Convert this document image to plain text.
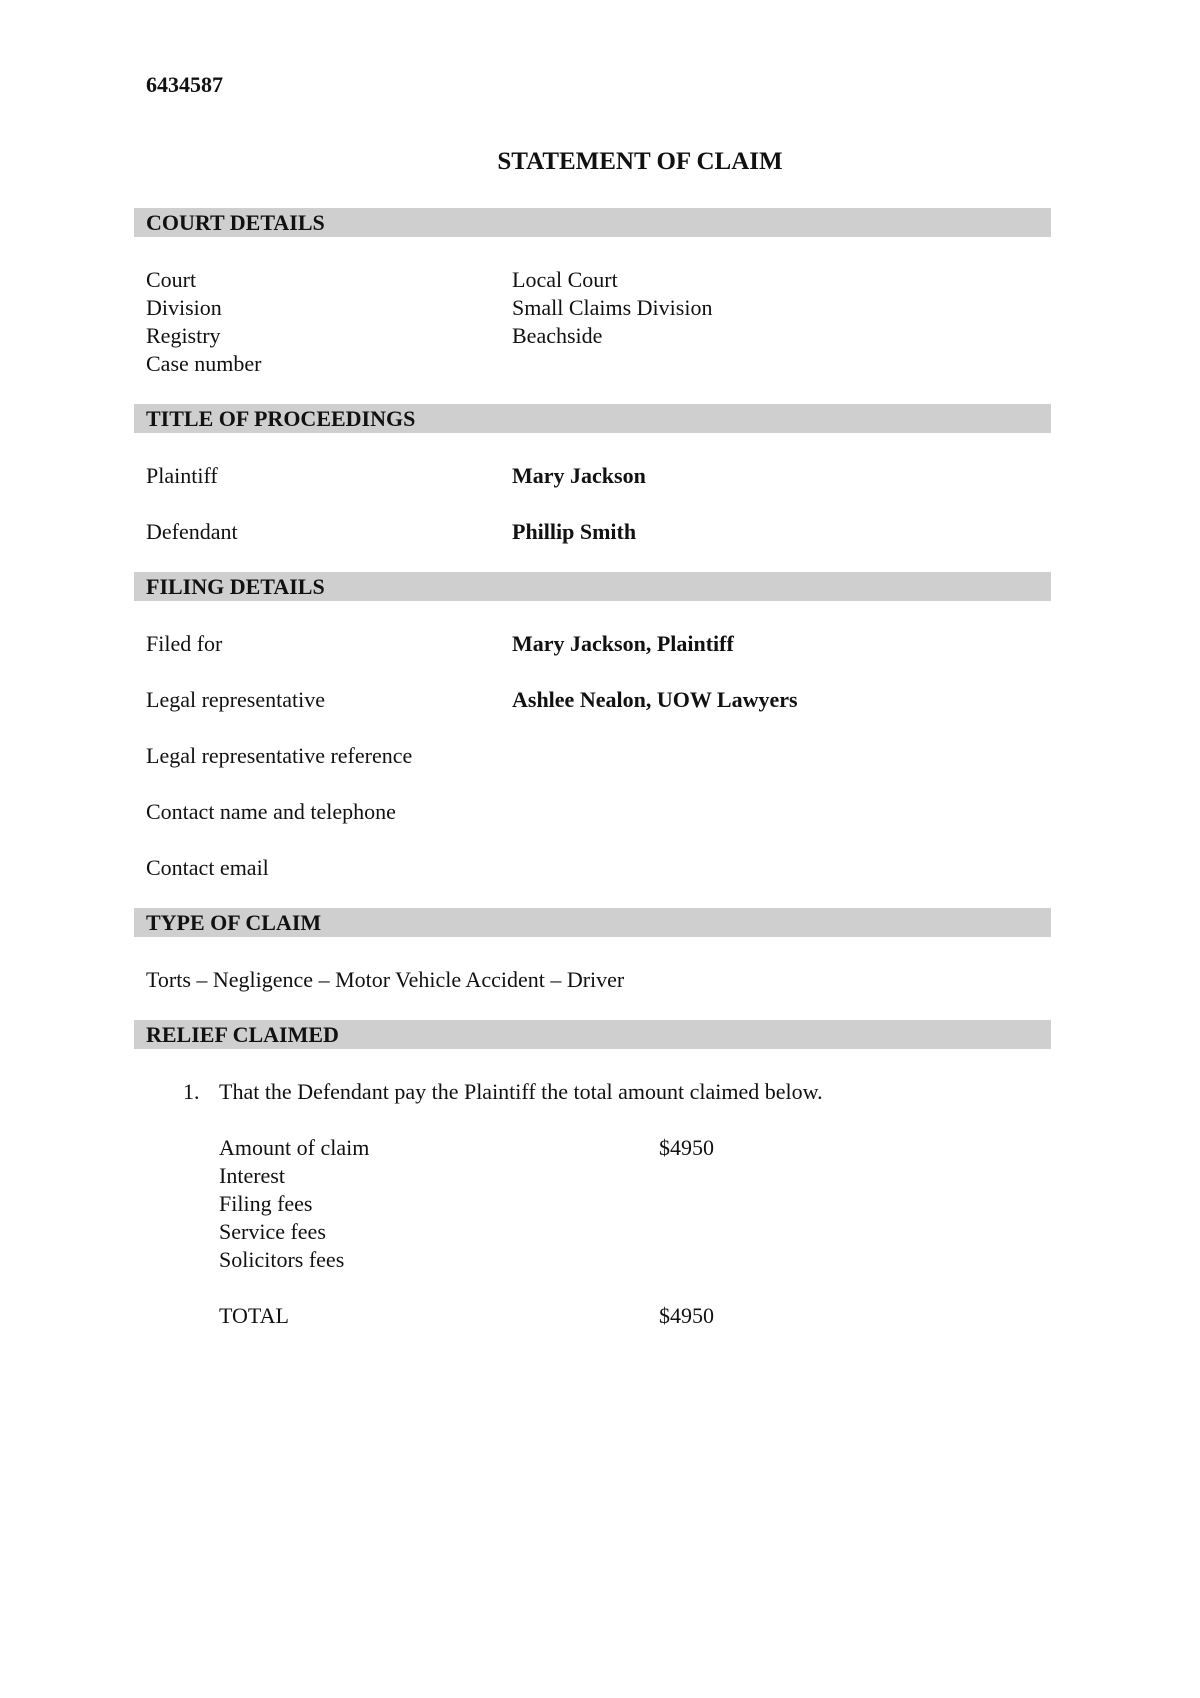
6434587
STATEMENT OF CLAIM
COURT DETAILS
Court	Local Court
Division	Small Claims Division
Registry	Beachside
Case number
TITLE OF PROCEEDINGS
Plaintiff	Mary Jackson
Defendant	Phillip Smith
FILING DETAILS
Filed for	Mary Jackson, Plaintiff
Legal representative	Ashlee Nealon, UOW Lawyers
Legal representative reference
Contact name and telephone
Contact email
TYPE OF CLAIM
Torts – Negligence – Motor Vehicle Accident – Driver
RELIEF CLAIMED
1. That the Defendant pay the Plaintiff the total amount claimed below.
Amount of claim	$4950
Interest
Filing fees
Service fees
Solicitors fees
TOTAL	$4950
